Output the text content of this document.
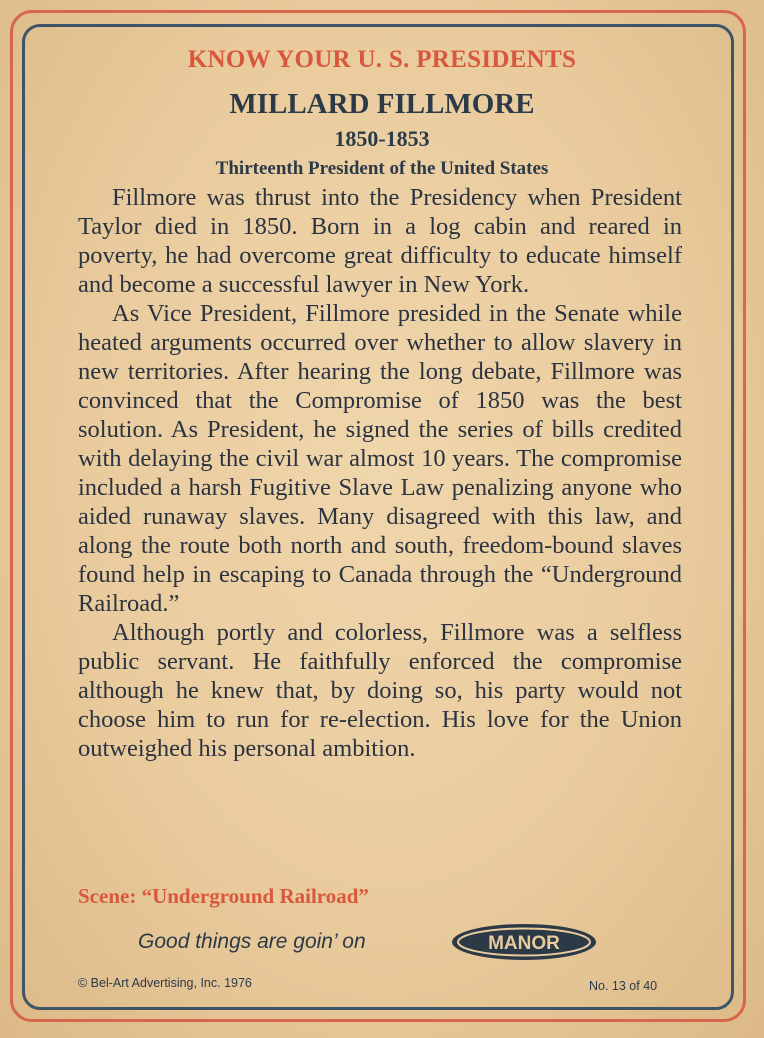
KNOW YOUR U. S. PRESIDENTS
MILLARD FILLMORE
1850-1853
Thirteenth President of the United States

Fillmore was thrust into the Presidency when President Taylor died in 1850. Born in a log cabin and reared in poverty, he had overcome great difficulty to educate himself and become a successful lawyer in New York.

As Vice President, Fillmore presided in the Senate while heated arguments occurred over whether to allow slavery in new territories. After hearing the long debate, Fillmore was convinced that the Compromise of 1850 was the best solution. As President, he signed the series of bills credited with delaying the civil war almost 10 years. The compromise included a harsh Fugitive Slave Law penalizing anyone who aided runaway slaves. Many disagreed with this law, and along the route both north and south, freedom-bound slaves found help in escaping to Canada through the “Underground Railroad.”

Although portly and colorless, Fillmore was a selfless public servant. He faithfully enforced the compromise although he knew that, by doing so, his party would not choose him to run for re-election. His love for the Union outweighed his personal ambition.

Scene: “Underground Railroad”
Good things are goin’ on	MANOR
© Bel-Art Advertising, Inc. 1976	No. 13 of 40
